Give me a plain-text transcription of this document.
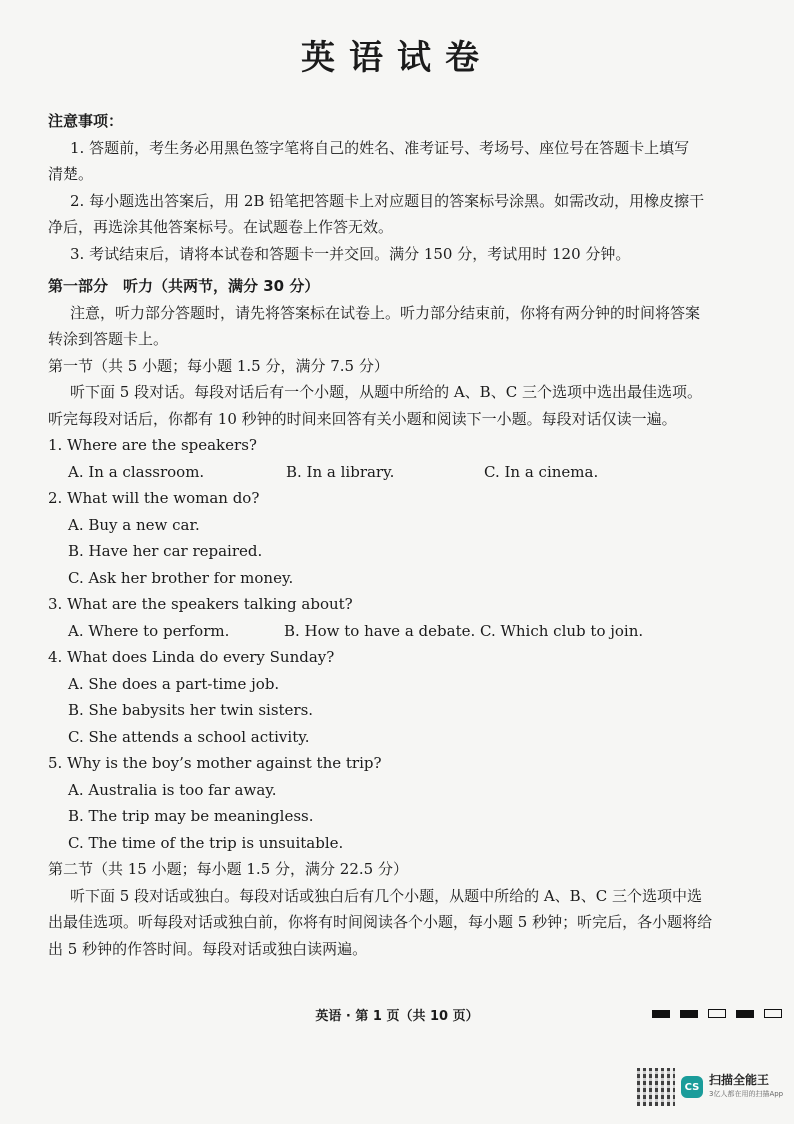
英语试卷
注意事项：
1. 答题前，考生务必用黑色签字笔将自己的姓名、准考证号、考场号、座位号在答题卡上填写
清楚。
2. 每小题选出答案后，用 2B 铅笔把答题卡上对应题目的答案标号涂黑。如需改动，用橡皮擦干
净后，再选涂其他答案标号。在试题卷上作答无效。
3. 考试结束后，请将本试卷和答题卡一并交回。满分 150 分，考试用时 120 分钟。
第一部分　听力（共两节，满分 30 分）
注意，听力部分答题时，请先将答案标在试卷上。听力部分结束前，你将有两分钟的时间将答案
转涂到答题卡上。
第一节（共 5 小题；每小题 1.5 分，满分 7.5 分）
听下面 5 段对话。每段对话后有一个小题，从题中所给的 A、B、C 三个选项中选出最佳选项。
听完每段对话后，你都有 10 秒钟的时间来回答有关小题和阅读下一小题。每段对话仅读一遍。
1. Where are the speakers?
A. In a classroom.	B. In a library.	C. In a cinema.
2. What will the woman do?
A. Buy a new car.
B. Have her car repaired.
C. Ask her brother for money.
3. What are the speakers talking about?
A. Where to perform.	B. How to have a debate. C. Which club to join.
4. What does Linda do every Sunday?
A. She does a part-time job.
B. She babysits her twin sisters.
C. She attends a school activity.
5. Why is the boy’s mother against the trip?
A. Australia is too far away.
B. The trip may be meaningless.
C. The time of the trip is unsuitable.
第二节（共 15 小题；每小题 1.5 分，满分 22.5 分）
听下面 5 段对话或独白。每段对话或独白后有几个小题，从题中所给的 A、B、C 三个选项中选
出最佳选项。听每段对话或独白前，你将有时间阅读各个小题，每小题 5 秒钟；听完后，各小题将给
出 5 秒钟的作答时间。每段对话或独白读两遍。
英语 · 第 1 页（共 10 页）
CS 扫描全能王
3亿人都在用的扫描App
